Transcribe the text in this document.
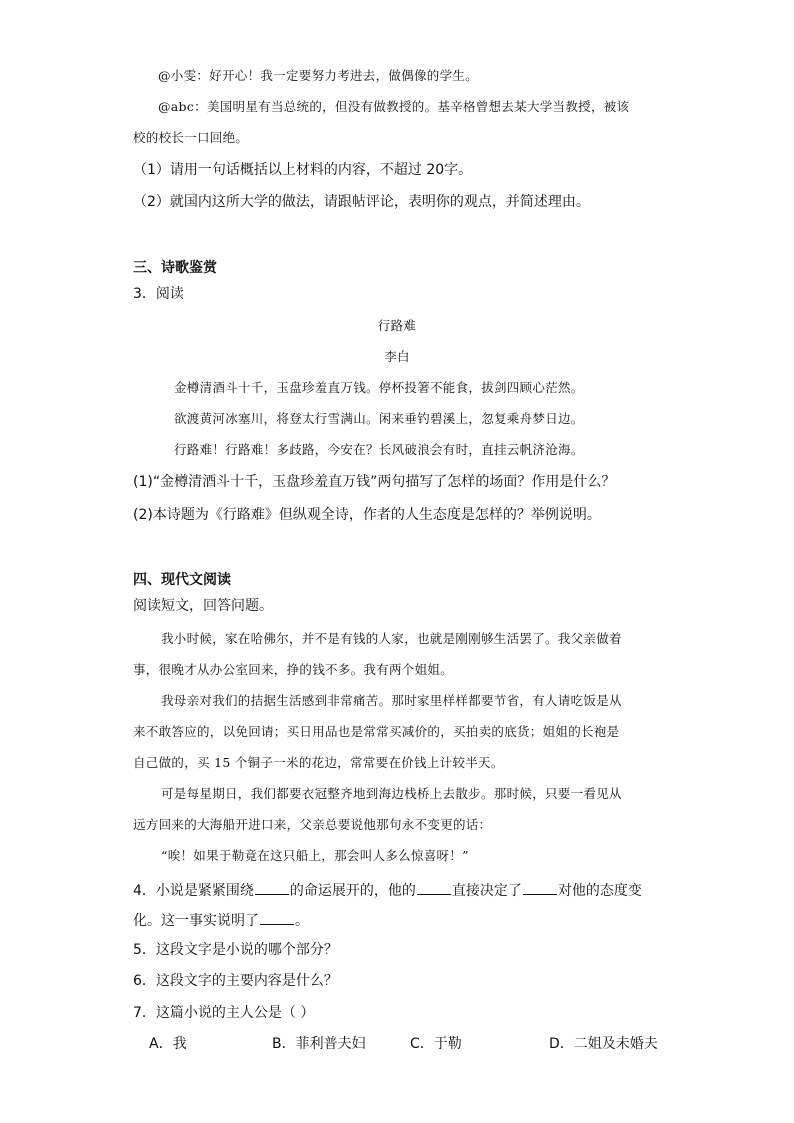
@小雯：好开心！我一定要努力考进去，做偶像的学生。
@abc：美国明星有当总统的，但没有做教授的。基辛格曾想去某大学当教授，被该
校的校长一口回绝。
（1）请用一句话概括以上材料的内容，不超过 20字。
（2）就国内这所大学的做法，请跟帖评论，表明你的观点，并简述理由。
三、诗歌鉴赏
3．阅读
行路难
李白
金樽清酒斗十千，玉盘珍羞直万钱。停杯投箸不能食，拔剑四顾心茫然。
欲渡黄河冰塞川，将登太行雪满山。闲来垂钓碧溪上，忽复乘舟梦日边。
行路难！行路难！多歧路，今安在？长风破浪会有时，直挂云帆济沧海。
(1)“金樽清酒斗十千，玉盘珍羞直万钱”两句描写了怎样的场面？作用是什么？
(2)本诗题为《行路难》但纵观全诗，作者的人生态度是怎样的？举例说明。
四、现代文阅读
阅读短文，回答问题。
我小时候，家在哈佛尔，并不是有钱的人家，也就是刚刚够生活罢了。我父亲做着
事，很晚才从办公室回来，挣的钱不多。我有两个姐姐。
我母亲对我们的拮据生活感到非常痛苦。那时家里样样都要节省，有人请吃饭是从
来不敢答应的，以免回请；买日用品也是常常买减价的，买拍卖的底货；姐姐的长袍是
自己做的，买 15 个铜子一米的花边，常常要在价钱上计较半天。
可是每星期日，我们都要衣冠整齐地到海边栈桥上去散步。那时候，只要一看见从
远方回来的大海船开进口来，父亲总要说他那句永不变更的话：
“唉！如果于勒竟在这只船上，那会叫人多么惊喜呀！”
4．小说是紧紧围绕	的命运展开的，他的	直接决定了	对他的态度变
化。这一事实说明了	。
5．这段文字是小说的哪个部分？
6．这段文字的主要内容是什么？
7．这篇小说的主人公是（ ）
A．我	B．菲利普夫妇	C．于勒	D．二姐及未婚夫
